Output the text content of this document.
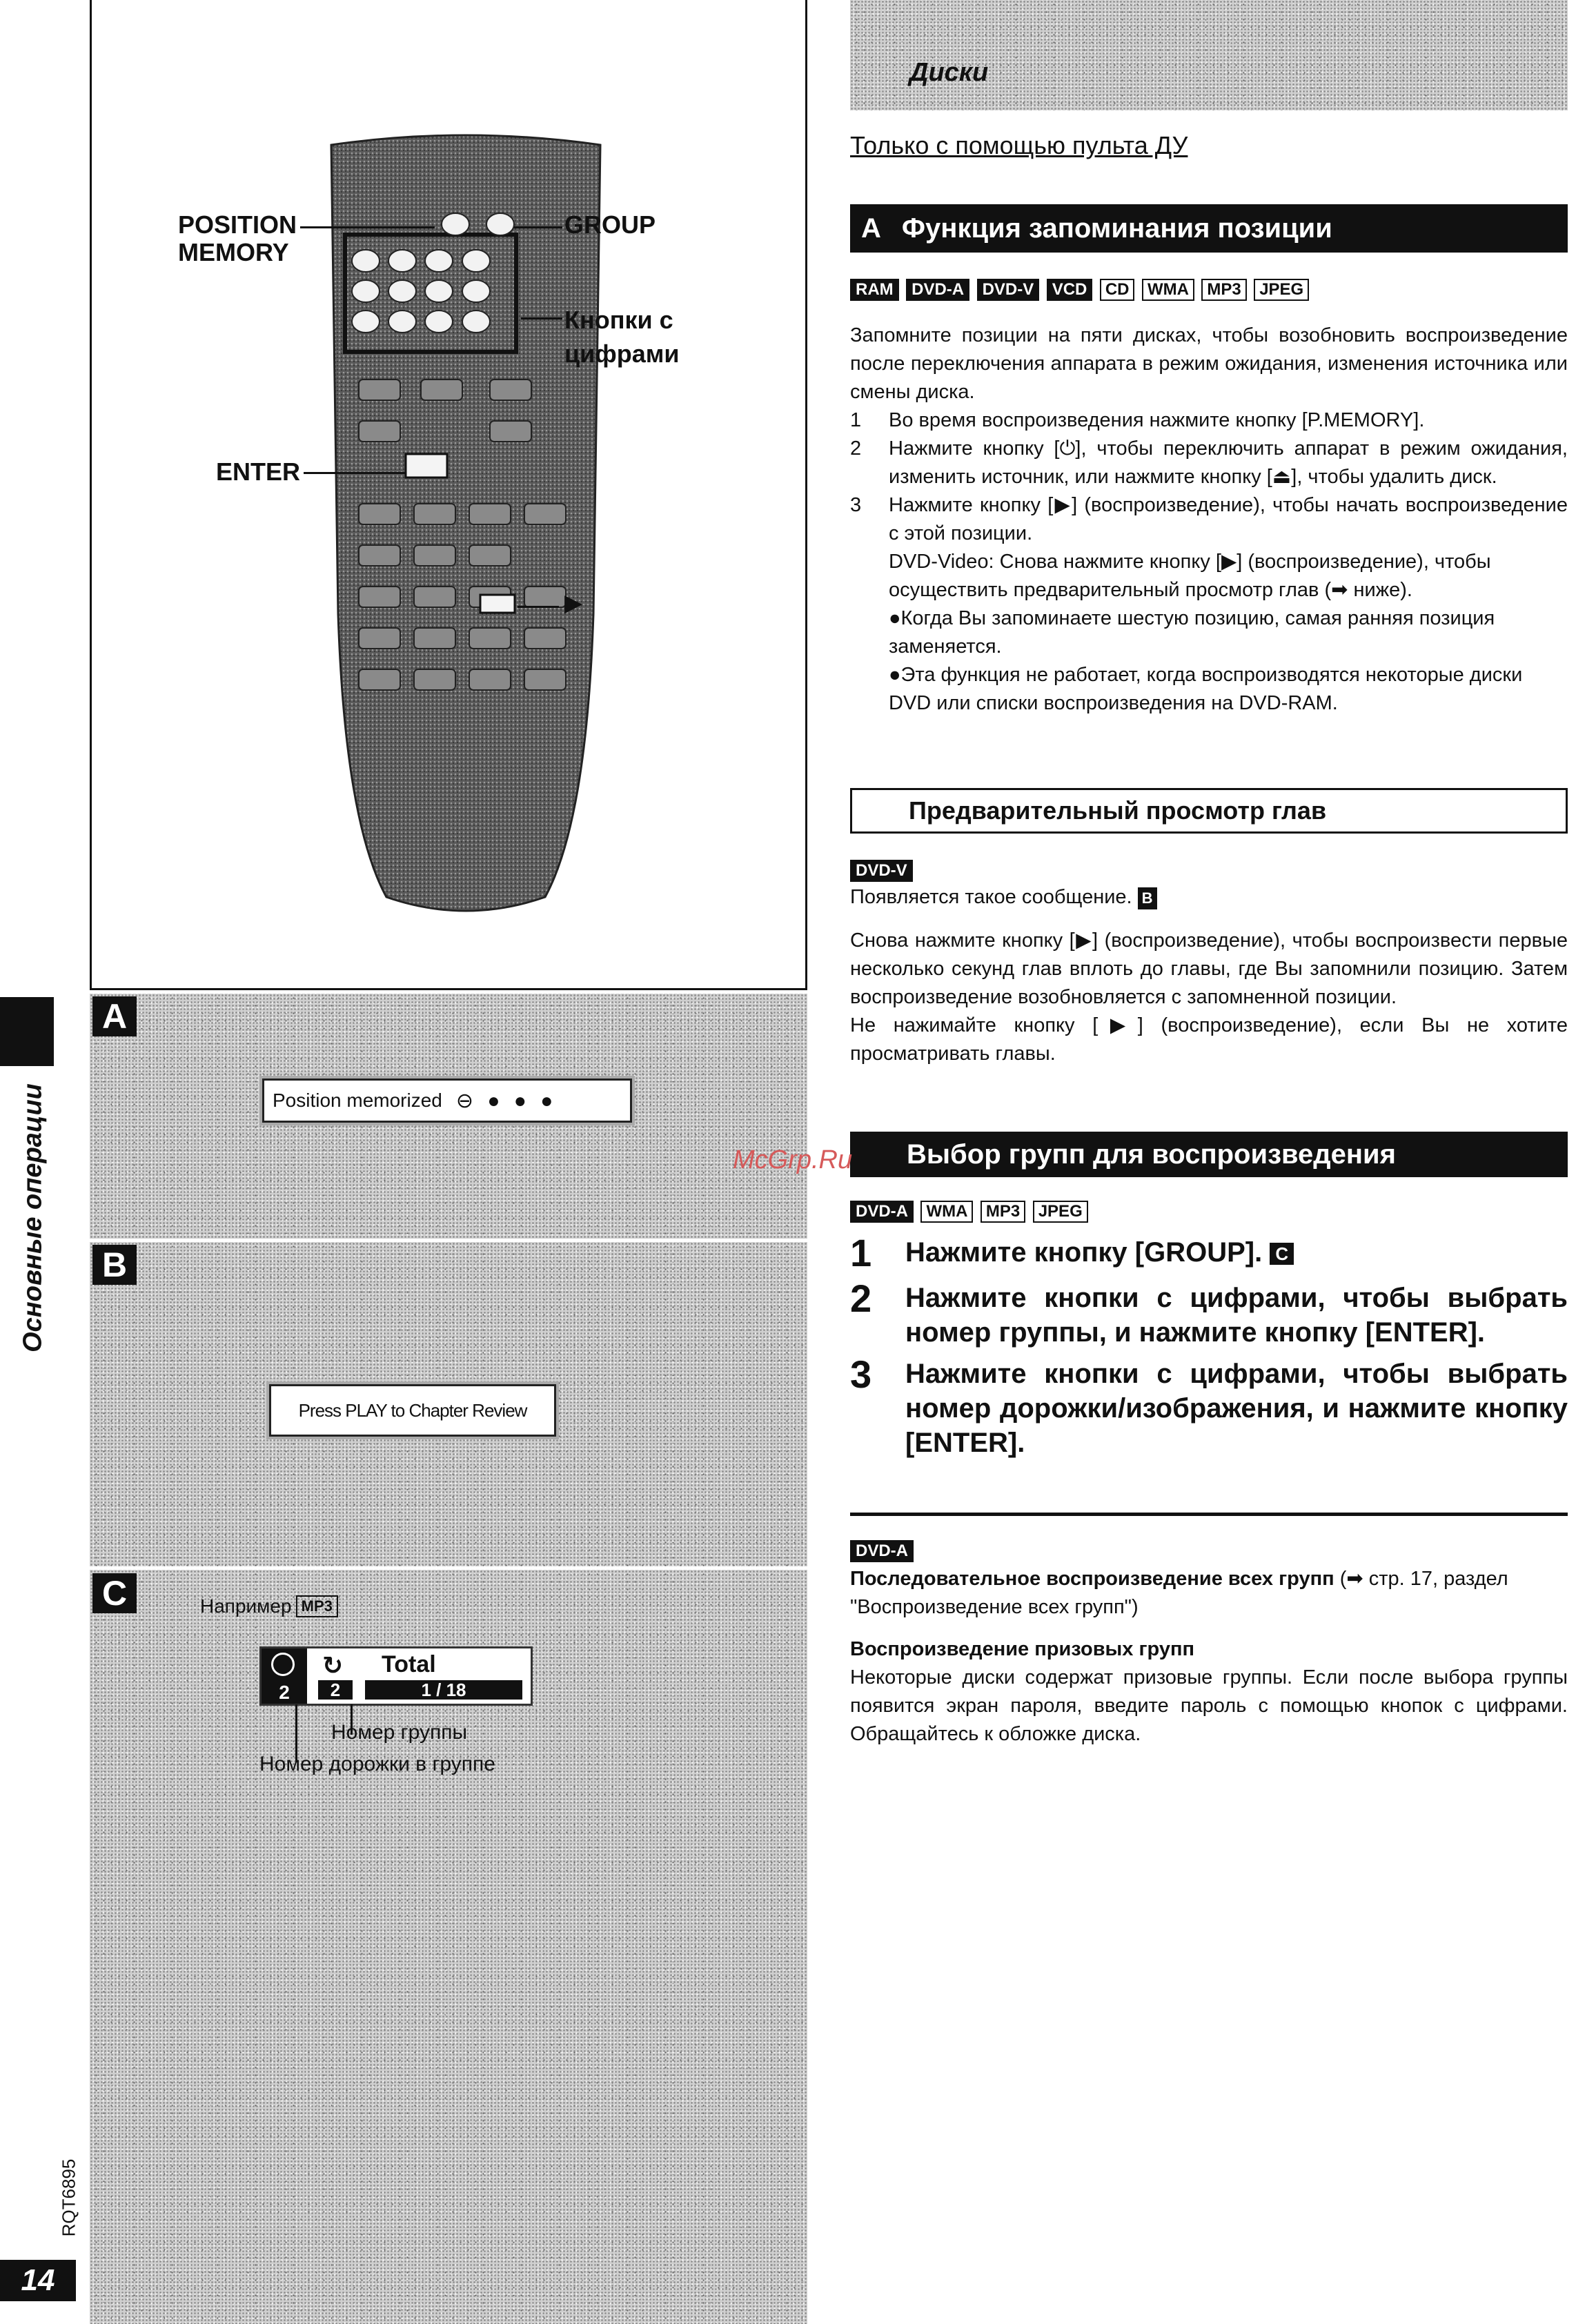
Основные операции
RQT6895
14
POSITION
MEMORY
GROUP
Кнопки с
цифрами
ENTER
▶
A
Position memorized ⊖ ● ● ●
B
Press PLAY to Chapter Review
C	Например MP3
2
↻
2
Total
1 / 18
Номер группы
Номер дорожки в группе
Диски
Только с помощью пульта ДУ
A Функция запоминания позиции
RAM DVD-A DVD-V VCD CD WMA MP3 JPEG
Запомните позиции на пяти дисках, чтобы возобновить воспроизведение после переключения аппарата в режим ожидания, изменения источника или смены диска.
1	Во время воспроизведения нажмите кнопку [P.MEMORY].
2	Нажмите кнопку [⏻], чтобы переключить аппарат в режим ожидания, изменить источник, или нажмите кнопку [⏏], чтобы удалить диск.
3	Нажмите кнопку [▶] (воспроизведение), чтобы начать воспроизведение с этой позиции.
DVD-Video: Снова нажмите кнопку [▶] (воспроизведение), чтобы осуществить предварительный просмотр глав (➡ ниже).
●Когда Вы запоминаете шестую позицию, самая ранняя позиция заменяется.
●Эта функция не работает, когда воспроизводятся некоторые диски DVD или списки воспроизведения на DVD-RAM.
Предварительный просмотр глав
DVD-V
Появляется такое сообщение. B
Снова нажмите кнопку [▶] (воспроизведение), чтобы воспроизвести первые несколько секунд глав вплоть до главы, где Вы запомнили позицию. Затем воспроизведение возобновляется с запомненной позиции.
Не нажимайте кнопку [▶] (воспроизведение), если Вы не хотите просматривать главы.
Выбор групп для воспроизведения
McGrp.Ru
DVD-A WMA MP3 JPEG
1	Нажмите кнопку [GROUP]. C
2	Нажмите кнопки с цифрами, чтобы выбрать номер группы, и нажмите кнопку [ENTER].
3	Нажмите кнопки с цифрами, чтобы выбрать номер дорожки/изображения, и нажмите кнопку [ENTER].
DVD-A
Последовательное воспроизведение всех групп (➡ стр. 17, раздел "Воспроизведение всех групп")
Воспроизведение призовых групп
Некоторые диски содержат призовые группы. Если после выбора группы появится экран пароля, введите пароль с помощью кнопок с цифрами. Обращайтесь к обложке диска.
